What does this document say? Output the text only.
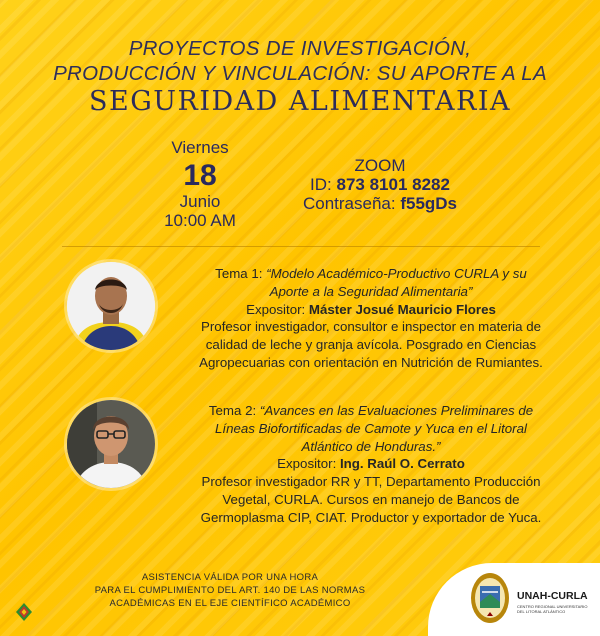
PROYECTOS DE INVESTIGACIÓN,
PRODUCCIÓN Y VINCULACIÓN: SU APORTE A LA
SEGURIDAD ALIMENTARIA
Viernes
18
Junio
10:00 AM
ZOOM
ID: 873 8101 8282
Contraseña: f55gDs
Tema 1: “Modelo Académico-Productivo CURLA y su Aporte a la Seguridad Alimentaria”
Expositor: Máster Josué Mauricio Flores
Profesor investigador, consultor e inspector en materia de calidad de leche y granja avícola. Posgrado en Ciencias Agropecuarias con orientación en Nutrición de Rumiantes.
Tema 2: “Avances en las Evaluaciones Preliminares de Líneas Biofortificadas de Camote y Yuca en el Litoral Atlántico de Honduras.”
Expositor: Ing. Raúl O. Cerrato
Profesor investigador RR y TT, Departamento Producción Vegetal, CURLA. Cursos en manejo de Bancos de Germoplasma CIP, CIAT. Productor y exportador de Yuca.
ASISTENCIA VÁLIDA POR UNA HORA
PARA EL CUMPLIMIENTO DEL ART. 140 DE LAS NORMAS
ACADÉMICAS EN EL EJE CIENTÍFICO ACADÉMICO
UNAH-CURLA
CENTRO REGIONAL UNIVERSITARIO DEL LITORAL ATLÁNTICO
